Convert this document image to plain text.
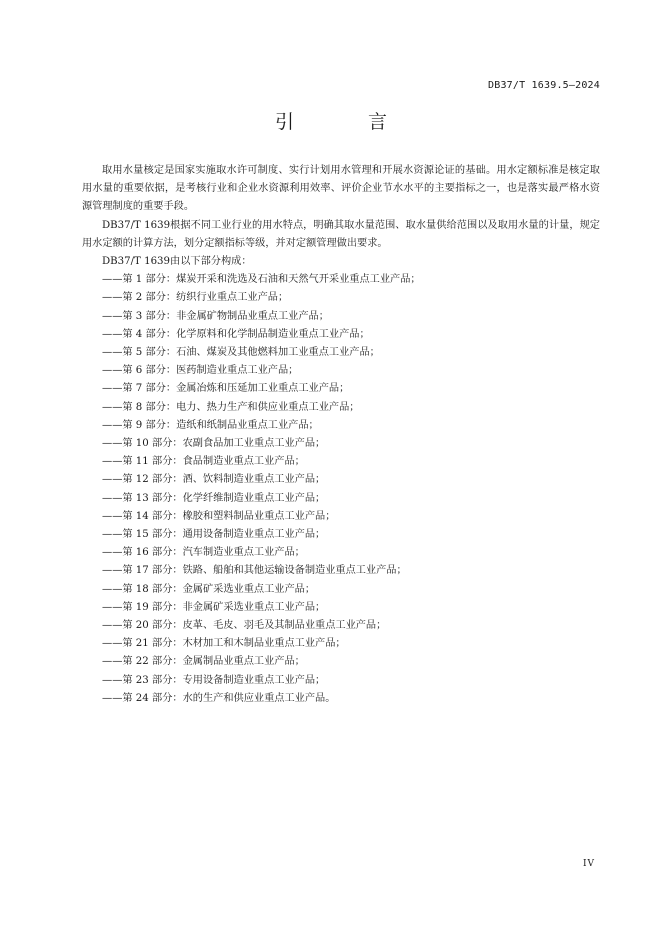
DB37/T 1639.5—2024
引 言

取用水量核定是国家实施取水许可制度、实行计划用水管理和开展水资源论证的基础。用水定额标准是核定取用水量的重要依据，是考核行业和企业水资源利用效率、评价企业节水水平的主要指标之一，也是落实最严格水资源管理制度的重要手段。

DB37/T 1639根据不同工业行业的用水特点，明确其取水量范围、取水量供给范围以及取用水量的计量，规定用水定额的计算方法，划分定额指标等级，并对定额管理做出要求。

DB37/T 1639由以下部分构成：

——第 1 部分：煤炭开采和洗选及石油和天然气开采业重点工业产品；
——第 2 部分：纺织行业重点工业产品；
——第 3 部分：非金属矿物制品业重点工业产品；
——第 4 部分：化学原料和化学制品制造业重点工业产品；
——第 5 部分：石油、煤炭及其他燃料加工业重点工业产品；
——第 6 部分：医药制造业重点工业产品；
——第 7 部分：金属冶炼和压延加工业重点工业产品；
——第 8 部分：电力、热力生产和供应业重点工业产品；
——第 9 部分：造纸和纸制品业重点工业产品；
——第 10 部分：农副食品加工业重点工业产品；
——第 11 部分：食品制造业重点工业产品；
——第 12 部分：酒、饮料制造业重点工业产品；
——第 13 部分：化学纤维制造业重点工业产品；
——第 14 部分：橡胶和塑料制品业重点工业产品；
——第 15 部分：通用设备制造业重点工业产品；
——第 16 部分：汽车制造业重点工业产品；
——第 17 部分：铁路、船舶和其他运输设备制造业重点工业产品；
——第 18 部分：金属矿采选业重点工业产品；
——第 19 部分：非金属矿采选业重点工业产品；
——第 20 部分：皮革、毛皮、羽毛及其制品业重点工业产品；
——第 21 部分：木材加工和木制品业重点工业产品；
——第 22 部分：金属制品业重点工业产品；
——第 23 部分：专用设备制造业重点工业产品；
——第 24 部分：水的生产和供应业重点工业产品。
IV
